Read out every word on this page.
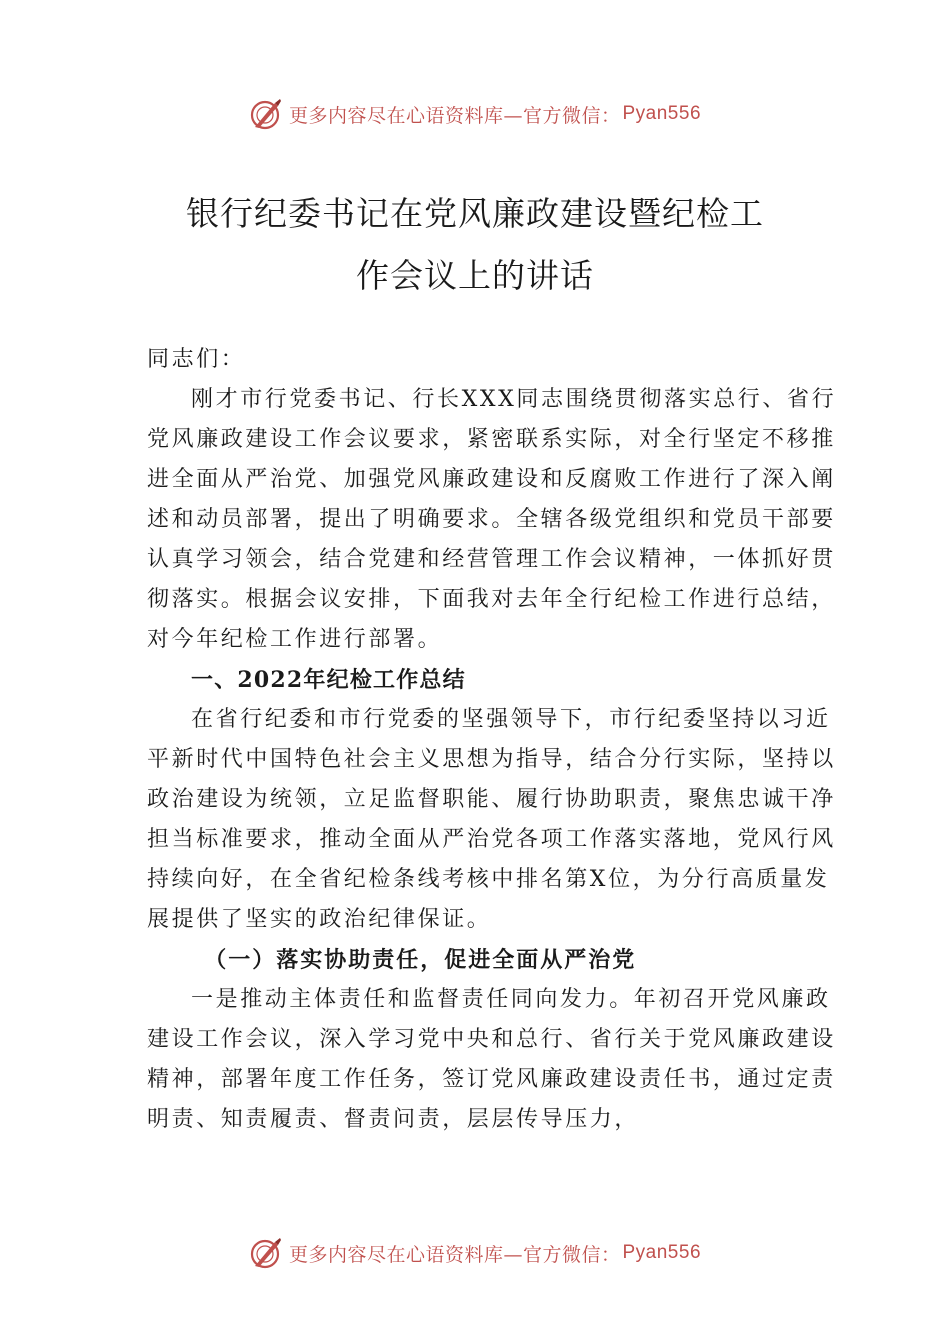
更多内容尽在心语资料库—官方微信： Pyan556
银行纪委书记在党风廉政建设暨纪检工
作会议上的讲话

同志们：

刚才市行党委书记、行长XXX同志围绕贯彻落实总行、省行党风廉政建设工作会议要求，紧密联系实际，对全行坚定不移推进全面从严治党、加强党风廉政建设和反腐败工作进行了深入阐述和动员部署，提出了明确要求。全辖各级党组织和党员干部要认真学习领会，结合党建和经营管理工作会议精神，一体抓好贯彻落实。根据会议安排，下面我对去年全行纪检工作进行总结，对今年纪检工作进行部署。

一、2022年纪检工作总结

在省行纪委和市行党委的坚强领导下，市行纪委坚持以习近平新时代中国特色社会主义思想为指导，结合分行实际，坚持以政治建设为统领，立足监督职能、履行协助职责，聚焦忠诚干净担当标准要求，推动全面从严治党各项工作落实落地，党风行风持续向好，在全省纪检条线考核中排名第X位，为分行高质量发展提供了坚实的政治纪律保证。

（一）落实协助责任，促进全面从严治党

一是推动主体责任和监督责任同向发力。年初召开党风廉政建设工作会议，深入学习党中央和总行、省行关于党风廉政建设精神，部署年度工作任务，签订党风廉政建设责任书，通过定责明责、知责履责、督责问责，层层传导压力，

更多内容尽在心语资料库—官方微信： Pyan556
